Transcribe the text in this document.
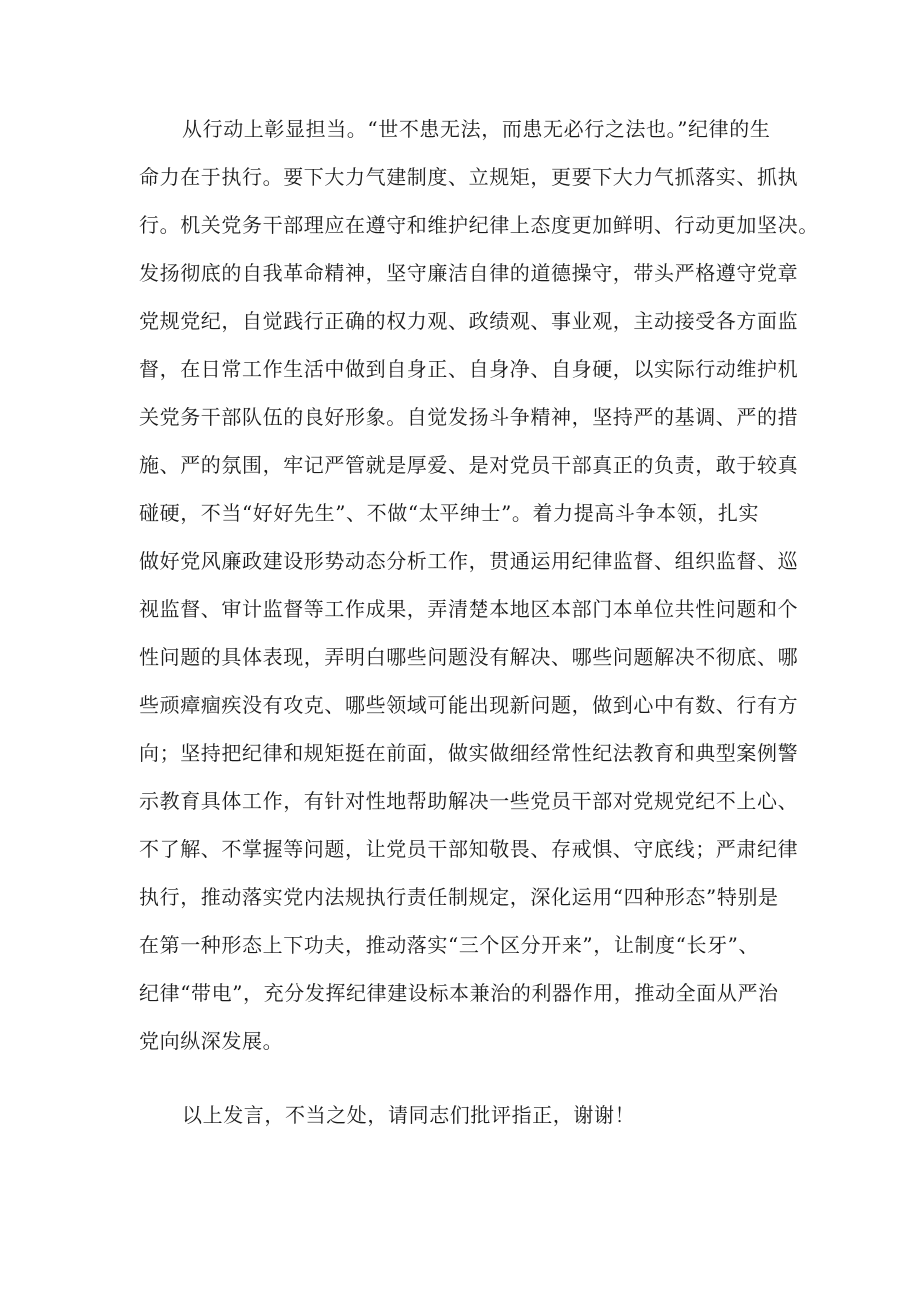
从行动上彰显担当。“世不患无法，而患无必行之法也。”纪律的生
命力在于执行。要下大力气建制度、立规矩，更要下大力气抓落实、抓执
行。机关党务干部理应在遵守和维护纪律上态度更加鲜明、行动更加坚决。
发扬彻底的自我革命精神，坚守廉洁自律的道德操守，带头严格遵守党章
党规党纪，自觉践行正确的权力观、政绩观、事业观，主动接受各方面监
督，在日常工作生活中做到自身正、自身净、自身硬，以实际行动维护机
关党务干部队伍的良好形象。自觉发扬斗争精神，坚持严的基调、严的措
施、严的氛围，牢记严管就是厚爱、是对党员干部真正的负责，敢于较真
碰硬，不当“好好先生”、不做“太平绅士”。着力提高斗争本领，扎实
做好党风廉政建设形势动态分析工作，贯通运用纪律监督、组织监督、巡
视监督、审计监督等工作成果，弄清楚本地区本部门本单位共性问题和个
性问题的具体表现，弄明白哪些问题没有解决、哪些问题解决不彻底、哪
些顽瘴痼疾没有攻克、哪些领域可能出现新问题，做到心中有数、行有方
向；坚持把纪律和规矩挺在前面，做实做细经常性纪法教育和典型案例警
示教育具体工作，有针对性地帮助解决一些党员干部对党规党纪不上心、
不了解、不掌握等问题，让党员干部知敬畏、存戒惧、守底线；严肃纪律
执行，推动落实党内法规执行责任制规定，深化运用“四种形态”特别是
在第一种形态上下功夫，推动落实“三个区分开来”，让制度“长牙”、
纪律“带电”，充分发挥纪律建设标本兼治的利器作用，推动全面从严治
党向纵深发展。
以上发言，不当之处，请同志们批评指正，谢谢！
